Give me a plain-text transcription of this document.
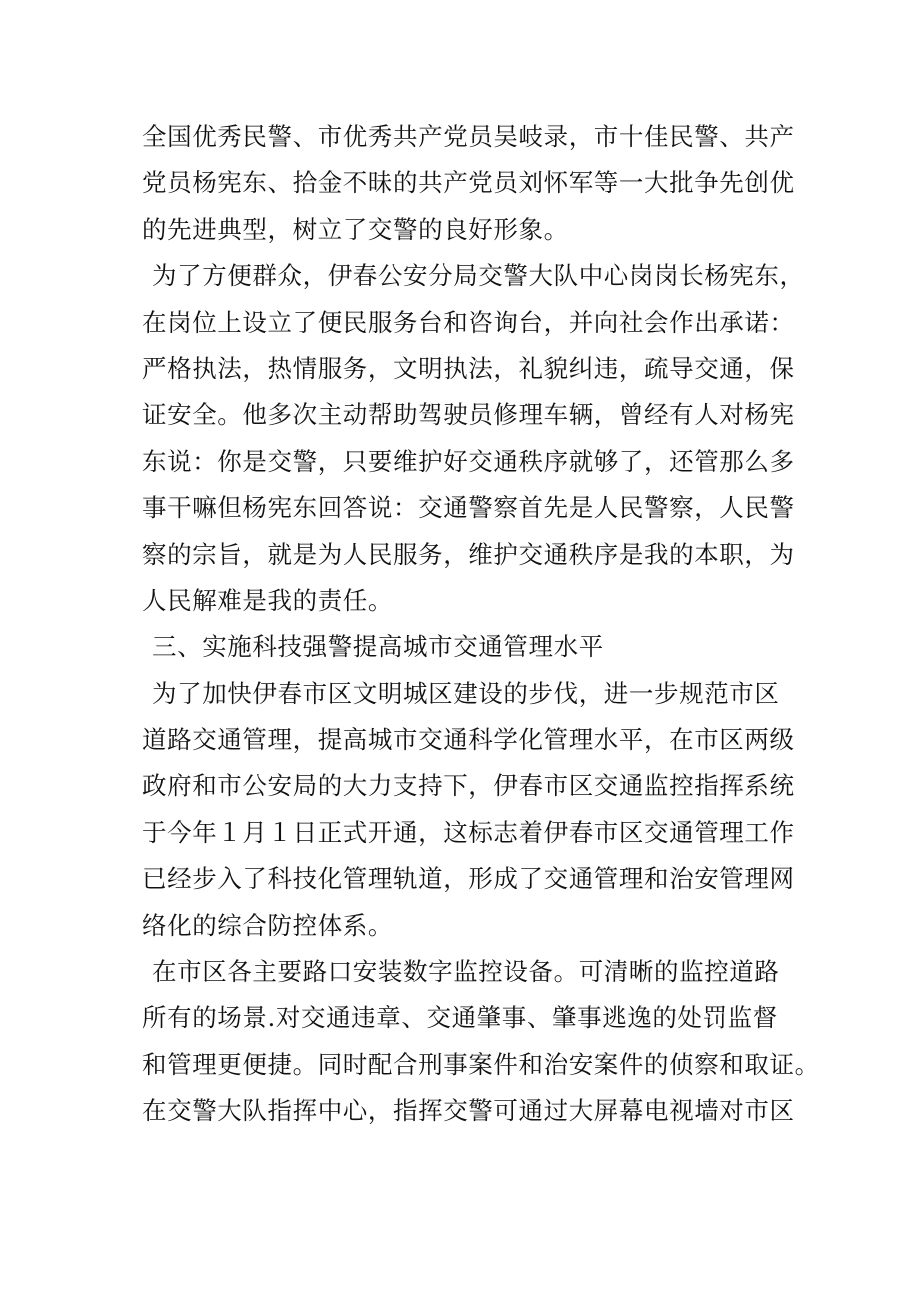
全国优秀民警、市优秀共产党员吴岐录，市十佳民警、共产
党员杨宪东、拾金不昧的共产党员刘怀军等一大批争先创优
的先进典型，树立了交警的良好形象。
为了方便群众，伊春公安分局交警大队中心岗岗长杨宪东，
在岗位上设立了便民服务台和咨询台，并向社会作出承诺：
严格执法，热情服务，文明执法，礼貌纠违，疏导交通，保
证安全。他多次主动帮助驾驶员修理车辆，曾经有人对杨宪
东说：你是交警，只要维护好交通秩序就够了，还管那么多
事干嘛但杨宪东回答说：交通警察首先是人民警察，人民警
察的宗旨，就是为人民服务，维护交通秩序是我的本职，为
人民解难是我的责任。
三、实施科技强警提高城市交通管理水平
为了加快伊春市区文明城区建设的步伐，进一步规范市区
道路交通管理，提高城市交通科学化管理水平，在市区两级
政府和市公安局的大力支持下，伊春市区交通监控指挥系统
于今年１月１日正式开通，这标志着伊春市区交通管理工作
已经步入了科技化管理轨道，形成了交通管理和治安管理网
络化的综合防控体系。
在市区各主要路口安装数字监控设备。可清晰的监控道路
所有的场景.对交通违章、交通肇事、肇事逃逸的处罚监督
和管理更便捷。同时配合刑事案件和治安案件的侦察和取证。
在交警大队指挥中心，指挥交警可通过大屏幕电视墙对市区
